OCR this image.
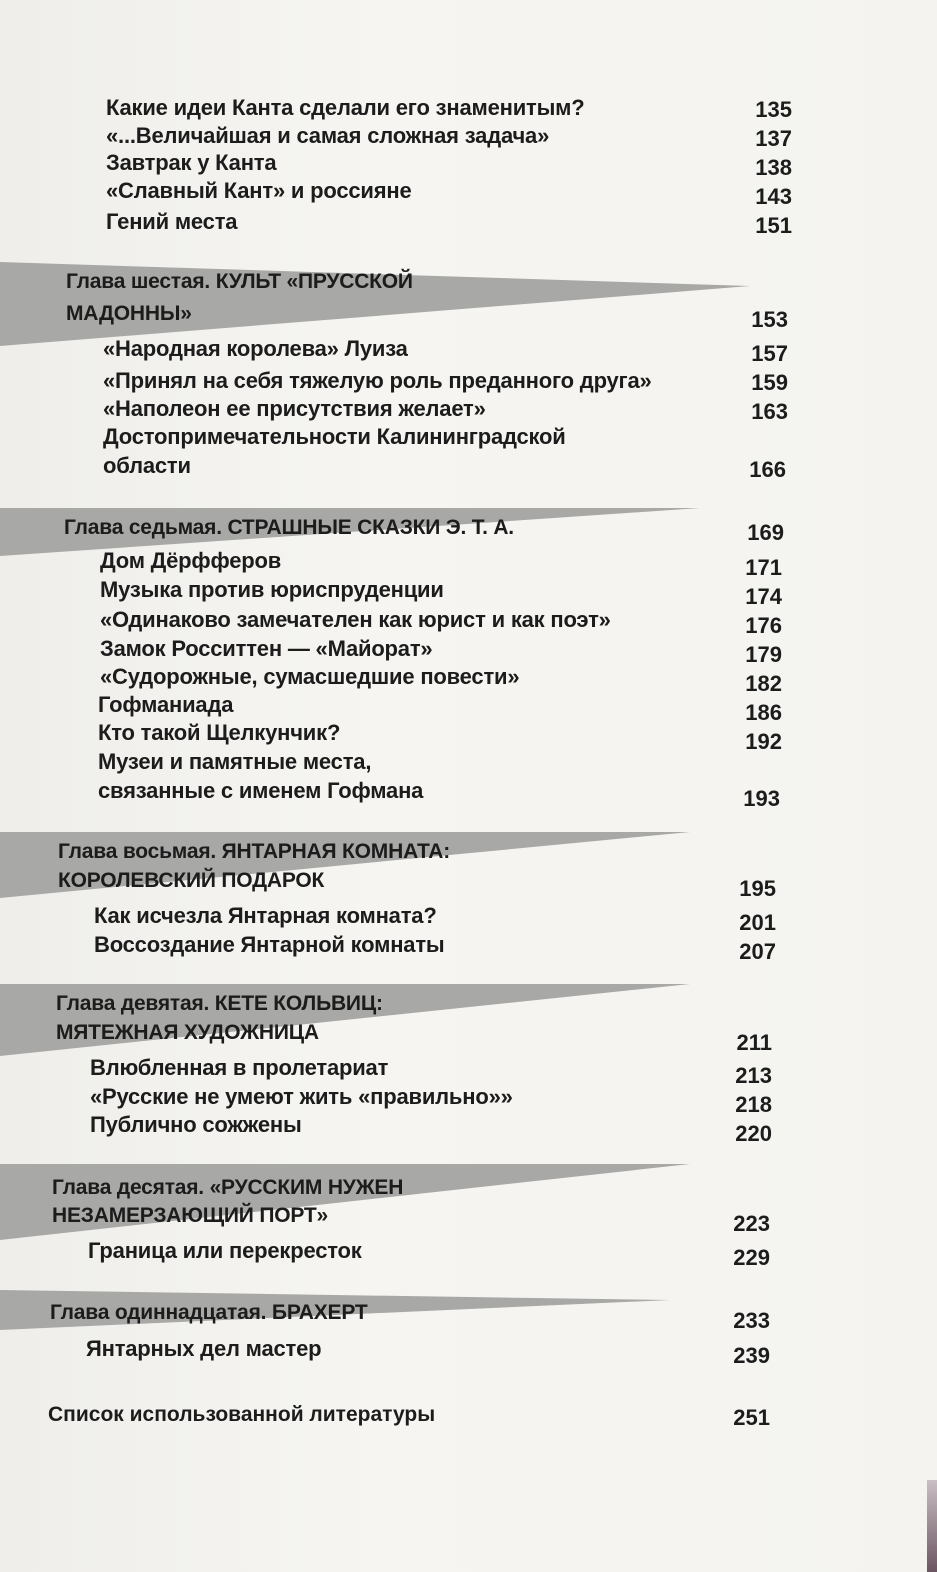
Какие идеи Канта сделали его знаменитым?	135
«...Величайшая и самая сложная задача»	137
Завтрак у Канта	138
«Славный Кант» и россияне	143
Гений места	151
Глава шестая. КУЛЬТ «ПРУССКОЙ
МАДОННЫ»	153
«Народная королева» Луиза	157
«Принял на себя тяжелую роль преданного друга»	159
«Наполеон ее присутствия желает»	163
Достопримечательности Калининградской
области	166
Глава седьмая. СТРАШНЫЕ СКАЗКИ Э. Т. А.	169
Дом Дёрфферов	171
Музыка против юриспруденции	174
«Одинаково замечателен как юрист и как поэт»	176
Замок Росситтен — «Майорат»	179
«Судорожные, сумасшедшие повести»	182
Гофманиада	186
Кто такой Щелкунчик?	192
Музеи и памятные места,
связанные с именем Гофмана	193
Глава восьмая. ЯНТАРНАЯ КОМНАТА:
КОРОЛЕВСКИЙ ПОДАРОК	195
Как исчезла Янтарная комната?	201
Воссоздание Янтарной комнаты	207
Глава девятая. КЕТЕ КОЛЬВИЦ:
МЯТЕЖНАЯ ХУДОЖНИЦА	211
Влюбленная в пролетариат	213
«Русские не умеют жить «правильно»»	218
Публично сожжены	220
Глава десятая. «РУССКИМ НУЖЕН
НЕЗАМЕРЗАЮЩИЙ ПОРТ»	223
Граница или перекресток	229
Глава одиннадцатая. БРАХЕРТ	233
Янтарных дел мастер	239
Список использованной литературы	251
